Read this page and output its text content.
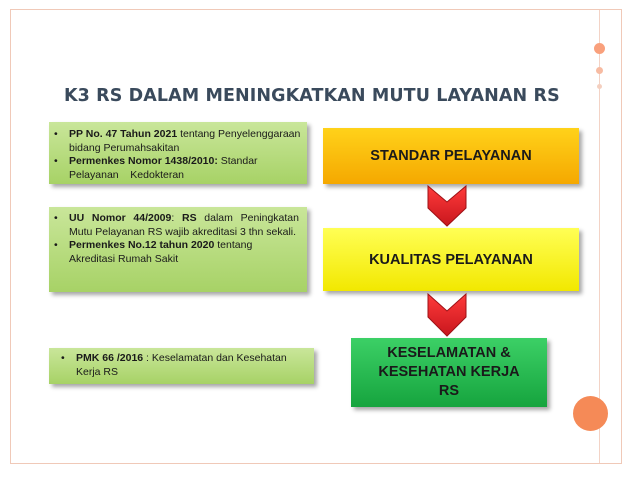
K3 RS DALAM MENINGKATKAN MUTU LAYANAN RS
• PP No. 47 Tahun 2021 tentang Penyelenggaraan bidang Perumahsakitan
• Permenkes Nomor 1438/2010: Standar Pelayanan    Kedokteran
• UU Nomor 44/2009: RS dalam Peningkatan Mutu Pelayanan RS wajib akreditasi 3 thn sekali.
• Permenkes No.12 tahun 2020 tentang Akreditasi Rumah Sakit
• PMK 66 /2016 : Keselamatan dan Kesehatan Kerja RS
STANDAR PELAYANAN
KUALITAS PELAYANAN
KESELAMATAN &
KESEHATAN KERJA
RS
